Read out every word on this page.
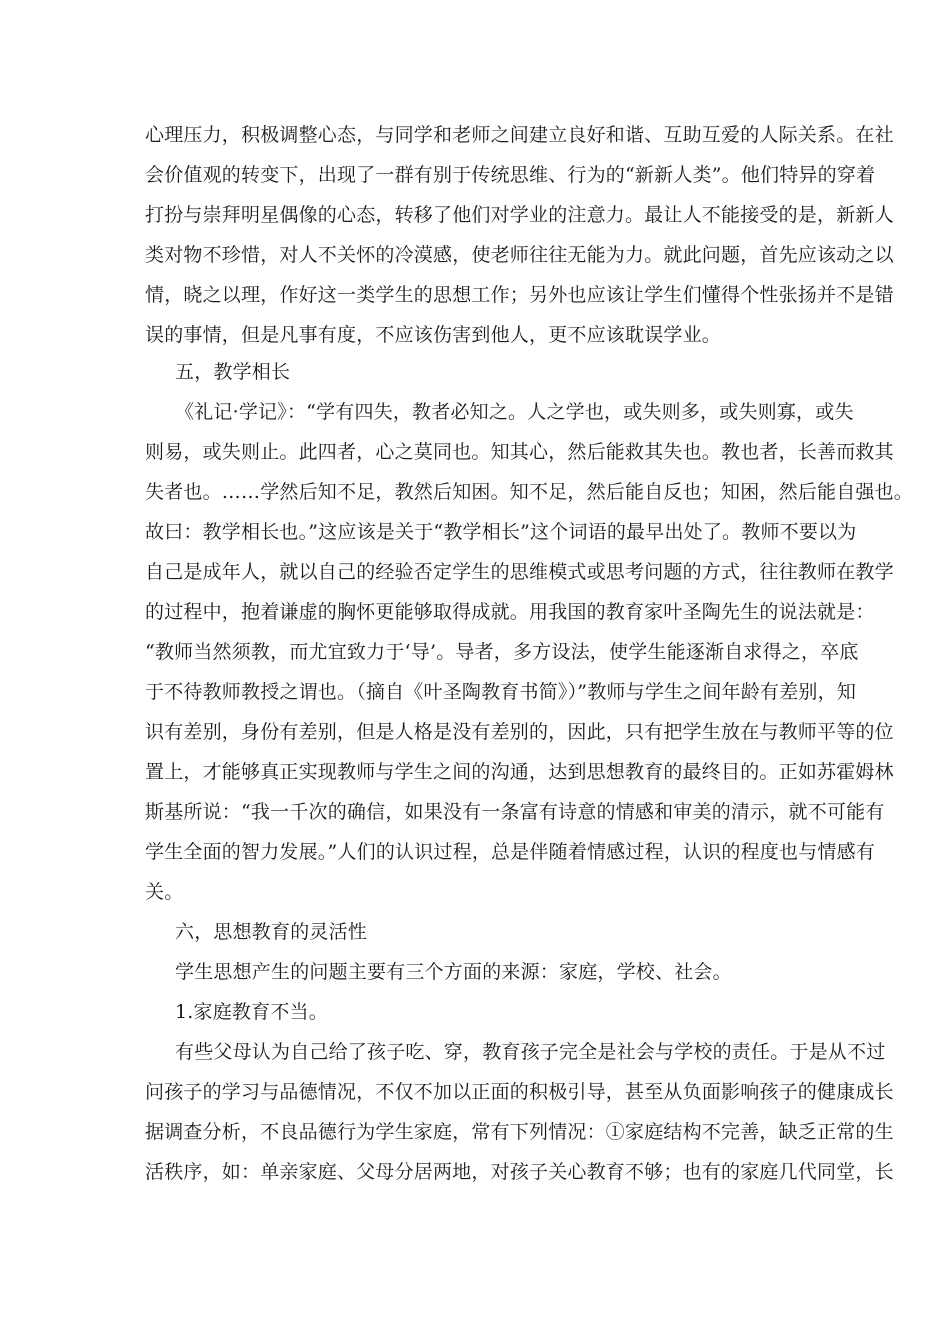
心理压力，积极调整心态，与同学和老师之间建立良好和谐、互助互爱的人际关系。在社
会价值观的转变下，出现了一群有别于传统思维、行为的“新新人类”。他们特异的穿着
打扮与崇拜明星偶像的心态，转移了他们对学业的注意力。最让人不能接受的是，新新人
类对物不珍惜，对人不关怀的冷漠感，使老师往往无能为力。就此问题，首先应该动之以
情，晓之以理，作好这一类学生的思想工作；另外也应该让学生们懂得个性张扬并不是错
误的事情，但是凡事有度，不应该伤害到他人，更不应该耽误学业。
五，教学相长
《礼记·学记》：“学有四失，教者必知之。人之学也，或失则多，或失则寡，或失
则易，或失则止。此四者，心之莫同也。知其心，然后能救其失也。教也者，长善而救其
失者也。……学然后知不足，教然后知困。知不足，然后能自反也；知困，然后能自强也。
故曰：教学相长也。”这应该是关于“教学相长”这个词语的最早出处了。教师不要以为
自己是成年人，就以自己的经验否定学生的思维模式或思考问题的方式，往往教师在教学
的过程中，抱着谦虚的胸怀更能够取得成就。用我国的教育家叶圣陶先生的说法就是：
“教师当然须教，而尤宜致力于‘导’。导者，多方设法，使学生能逐渐自求得之，卒底
于不待教师教授之谓也。（摘自《叶圣陶教育书简》）”教师与学生之间年龄有差别，知
识有差别，身份有差别，但是人格是没有差别的，因此，只有把学生放在与教师平等的位
置上，才能够真正实现教师与学生之间的沟通，达到思想教育的最终目的。正如苏霍姆林
斯基所说：“我一千次的确信，如果没有一条富有诗意的情感和审美的清示，就不可能有
学生全面的智力发展。”人们的认识过程，总是伴随着情感过程，认识的程度也与情感有
关。
六，思想教育的灵活性
学生思想产生的问题主要有三个方面的来源：家庭，学校、社会。
1.家庭教育不当。
有些父母认为自己给了孩子吃、穿，教育孩子完全是社会与学校的责任。于是从不过
问孩子的学习与品德情况，不仅不加以正面的积极引导，甚至从负面影响孩子的健康成长
据调查分析，不良品德行为学生家庭，常有下列情况：①家庭结构不完善，缺乏正常的生
活秩序，如：单亲家庭、父母分居两地，对孩子关心教育不够；也有的家庭几代同堂，长
